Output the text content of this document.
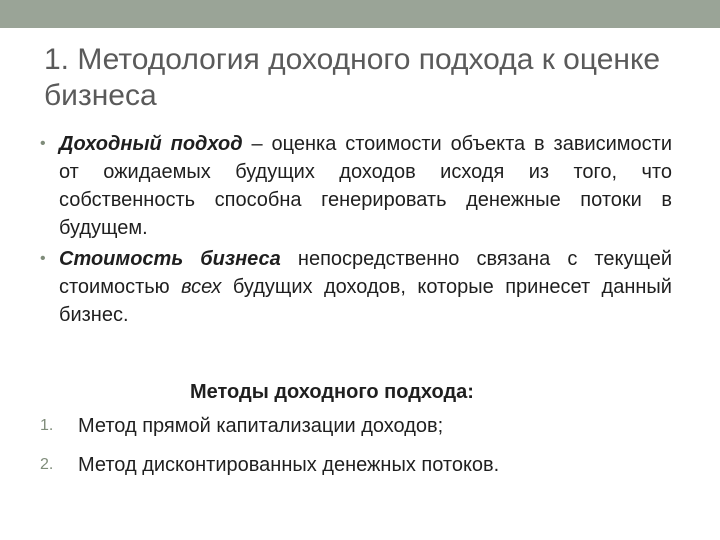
1. Методология доходного подхода к оценке бизнеса
• Доходный подход – оценка стоимости объекта в зависимости от ожидаемых будущих доходов исходя из того, что собственность способна генерировать денежные потоки в будущем.
• Стоимость бизнеса непосредственно связана с текущей стоимостью всех будущих доходов, которые принесет данный бизнес.
Методы доходного подхода:
1. Метод прямой капитализации доходов;
2. Метод дисконтированных денежных потоков.
